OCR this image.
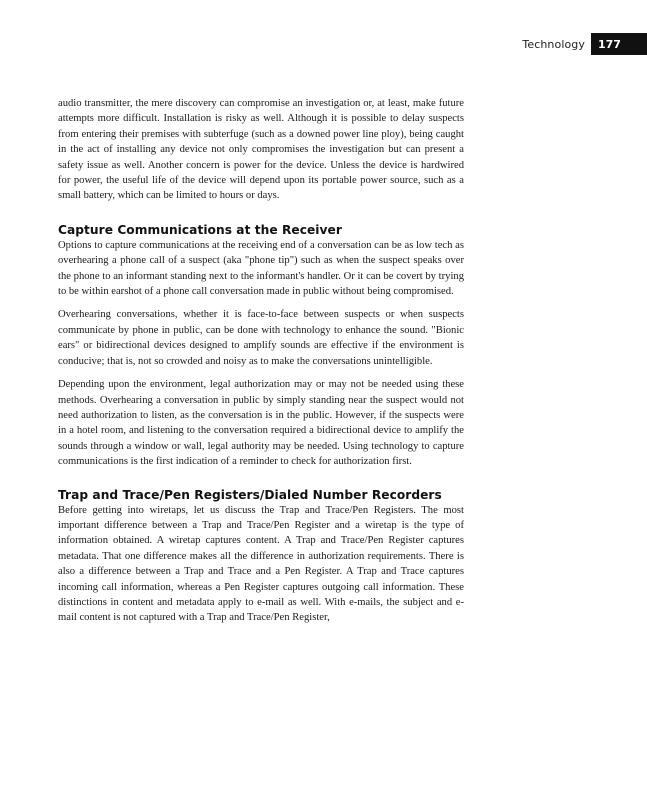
Technology	177

audio transmitter, the mere discovery can compromise an investigation or, at least, make future attempts more difficult. Installation is risky as well. Although it is possible to delay suspects from entering their premises with subterfuge (such as a downed power line ploy), being caught in the act of installing any device not only compromises the investigation but can present a safety issue as well. Another concern is power for the device. Unless the device is hardwired for power, the useful life of the device will depend upon its portable power source, such as a small battery, which can be limited to hours or days.

Capture Communications at the Receiver

Options to capture communications at the receiving end of a conversation can be as low tech as overhearing a phone call of a suspect (aka "phone tip") such as when the suspect speaks over the phone to an informant standing next to the informant's handler. Or it can be covert by trying to be within earshot of a phone call conversation made in public without being compromised.

Overhearing conversations, whether it is face-to-face between suspects or when suspects communicate by phone in public, can be done with technology to enhance the sound. "Bionic ears" or bidirectional devices designed to amplify sounds are effective if the environment is conducive; that is, not so crowded and noisy as to make the conversations unintelligible.

Depending upon the environment, legal authorization may or may not be needed using these methods. Overhearing a conversation in public by simply standing near the suspect would not need authorization to listen, as the conversation is in the public. However, if the suspects were in a hotel room, and listening to the conversation required a bidirectional device to amplify the sounds through a window or wall, legal authority may be needed. Using technology to capture communications is the first indication of a reminder to check for authorization first.

Trap and Trace/Pen Registers/Dialed Number Recorders

Before getting into wiretaps, let us discuss the Trap and Trace/Pen Registers. The most important difference between a Trap and Trace/Pen Register and a wiretap is the type of information obtained. A wiretap captures content. A Trap and Trace/Pen Register captures metadata. That one difference makes all the difference in authorization requirements. There is also a difference between a Trap and Trace and a Pen Register. A Trap and Trace captures incoming call information, whereas a Pen Register captures outgoing call information. These distinctions in content and metadata apply to e-mail as well. With e-mails, the subject and e-mail content is not captured with a Trap and Trace/Pen Register,
